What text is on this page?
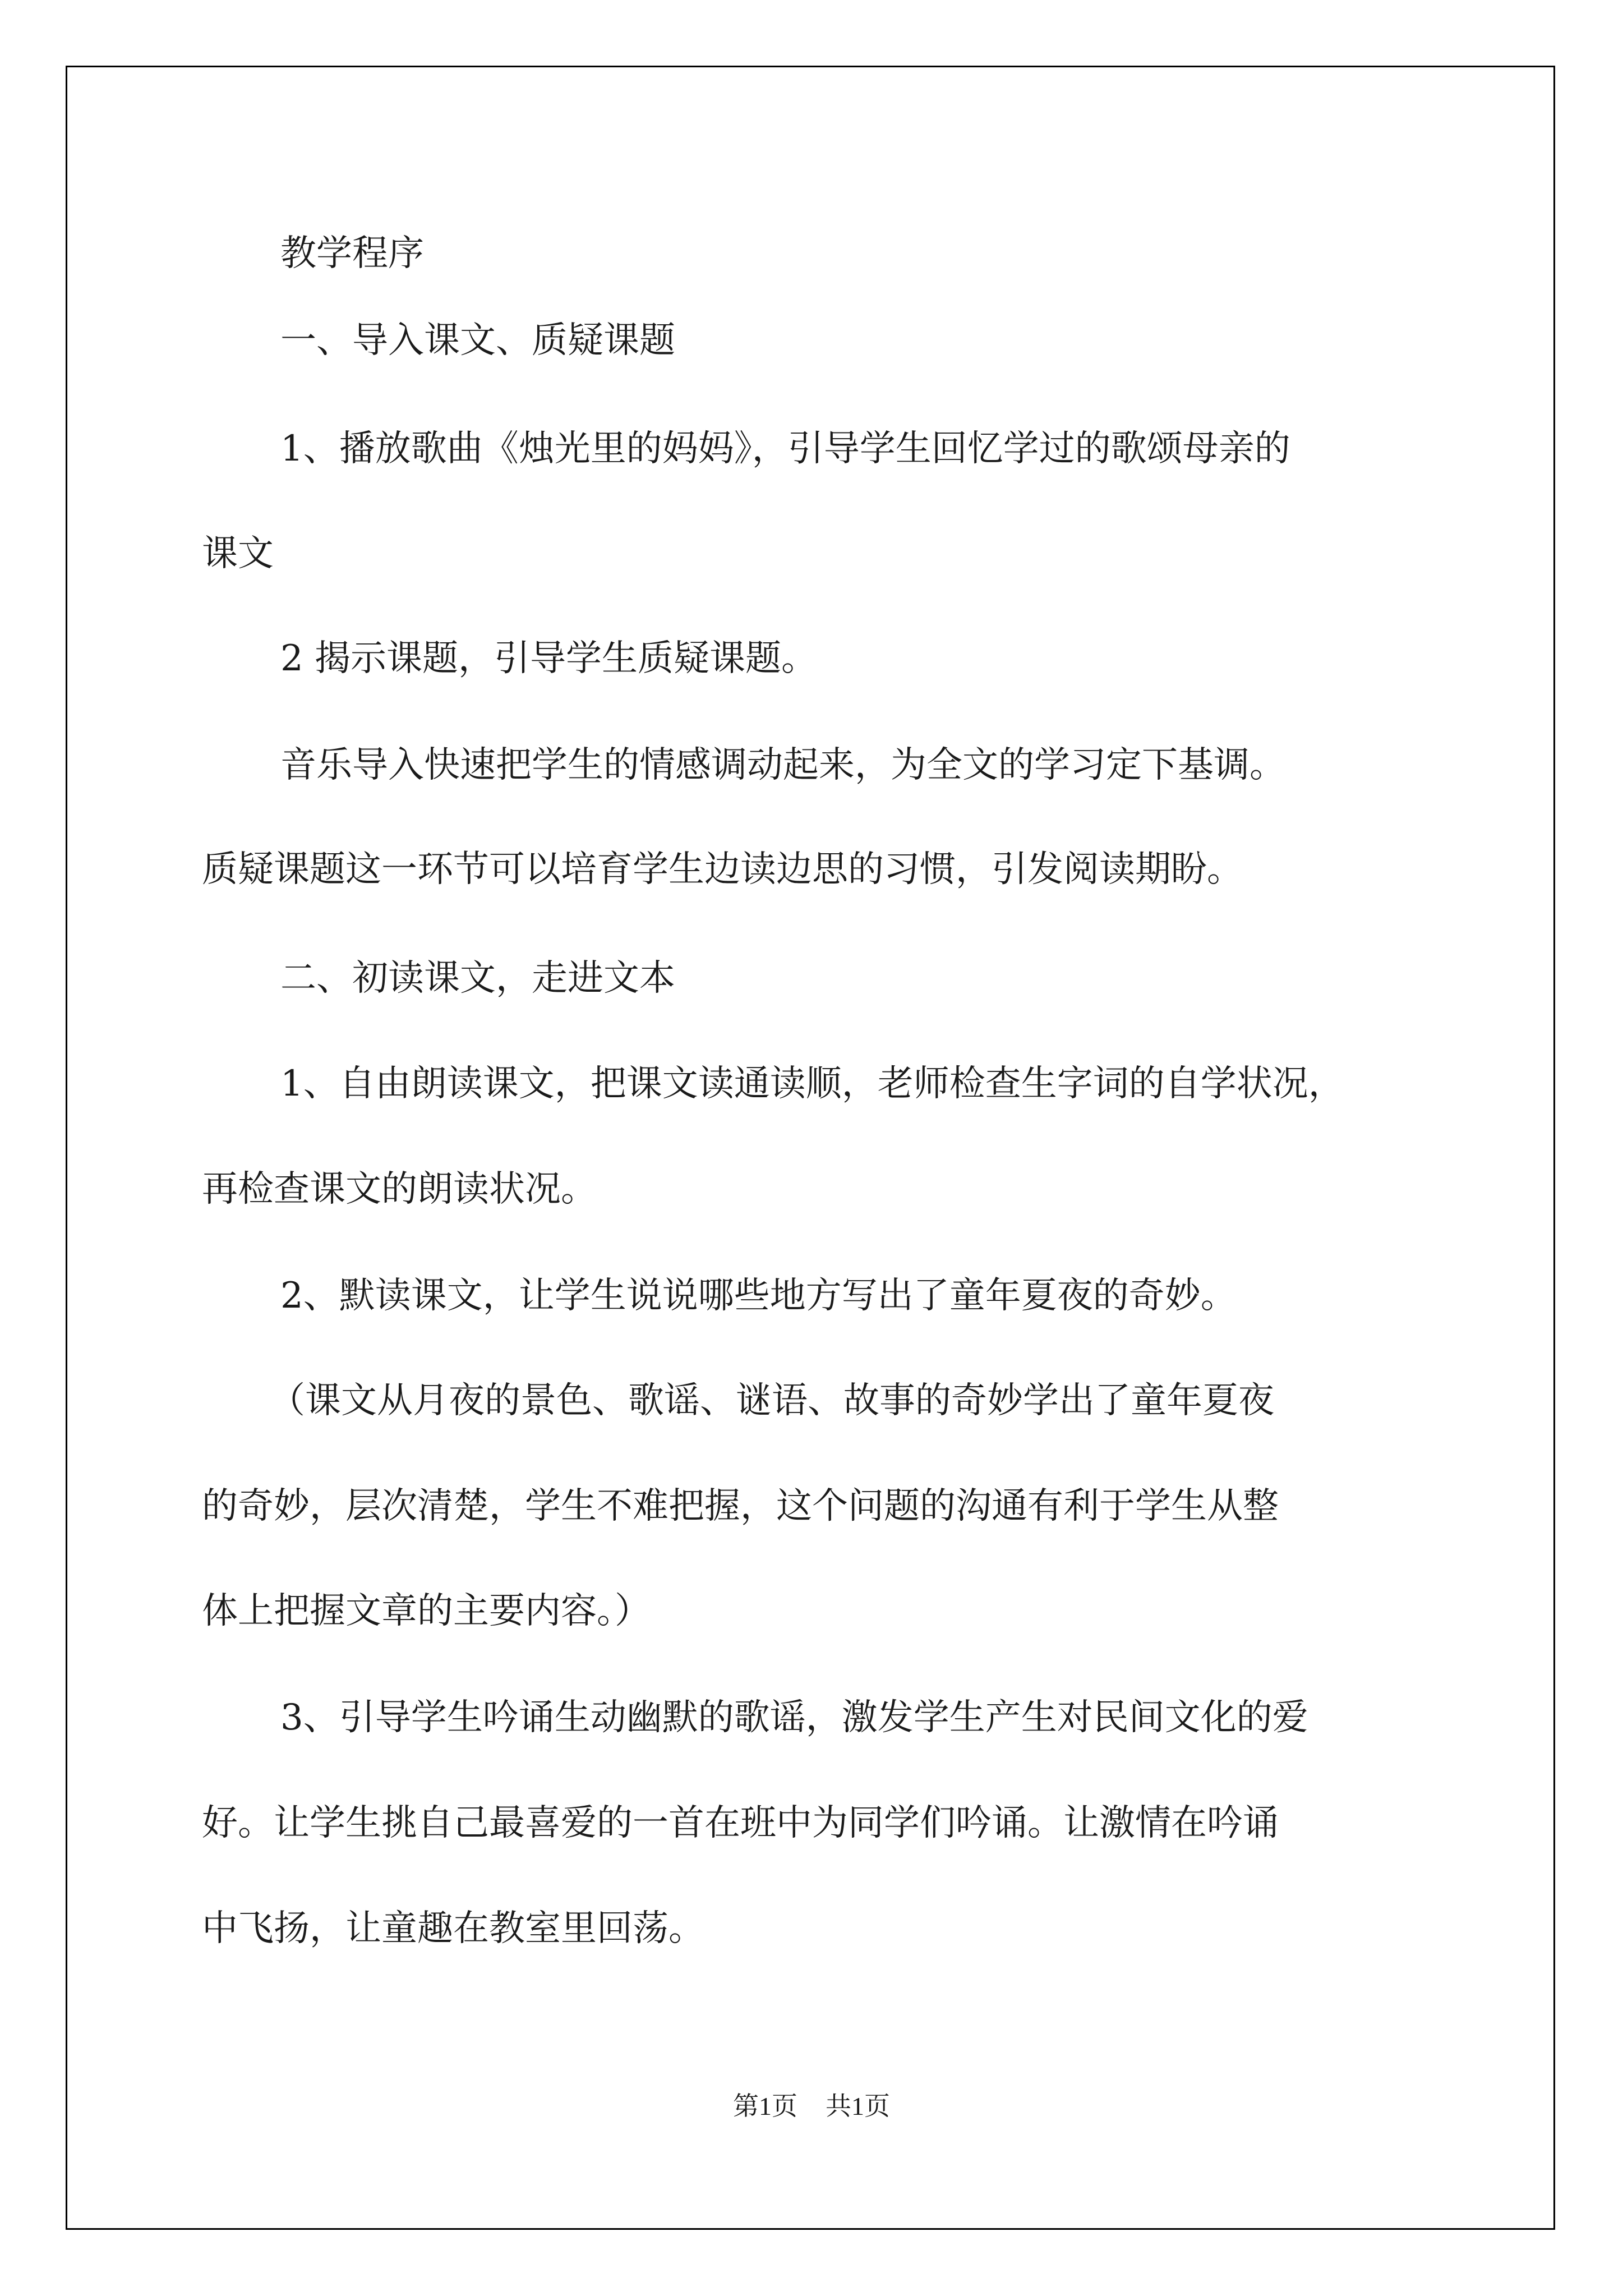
教学程序

一、导入课文、质疑课题

1、播放歌曲《烛光里的妈妈》，引导学生回忆学过的歌颂母亲的

课文

2 揭示课题，引导学生质疑课题。

音乐导入快速把学生的情感调动起来，为全文的学习定下基调。

质疑课题这一环节可以培育学生边读边思的习惯，引发阅读期盼。

二、初读课文，走进文本

1、自由朗读课文，把课文读通读顺，老师检查生字词的自学状况，

再检查课文的朗读状况。

2、默读课文，让学生说说哪些地方写出了童年夏夜的奇妙。

（课文从月夜的景色、歌谣、谜语、故事的奇妙学出了童年夏夜

的奇妙，层次清楚，学生不难把握，这个问题的沟通有利于学生从整

体上把握文章的主要内容。）

3、引导学生吟诵生动幽默的歌谣，激发学生产生对民间文化的爱

好。让学生挑自己最喜爱的一首在班中为同学们吟诵。让激情在吟诵

中飞扬，让童趣在教室里回荡。

第1页 共1页
